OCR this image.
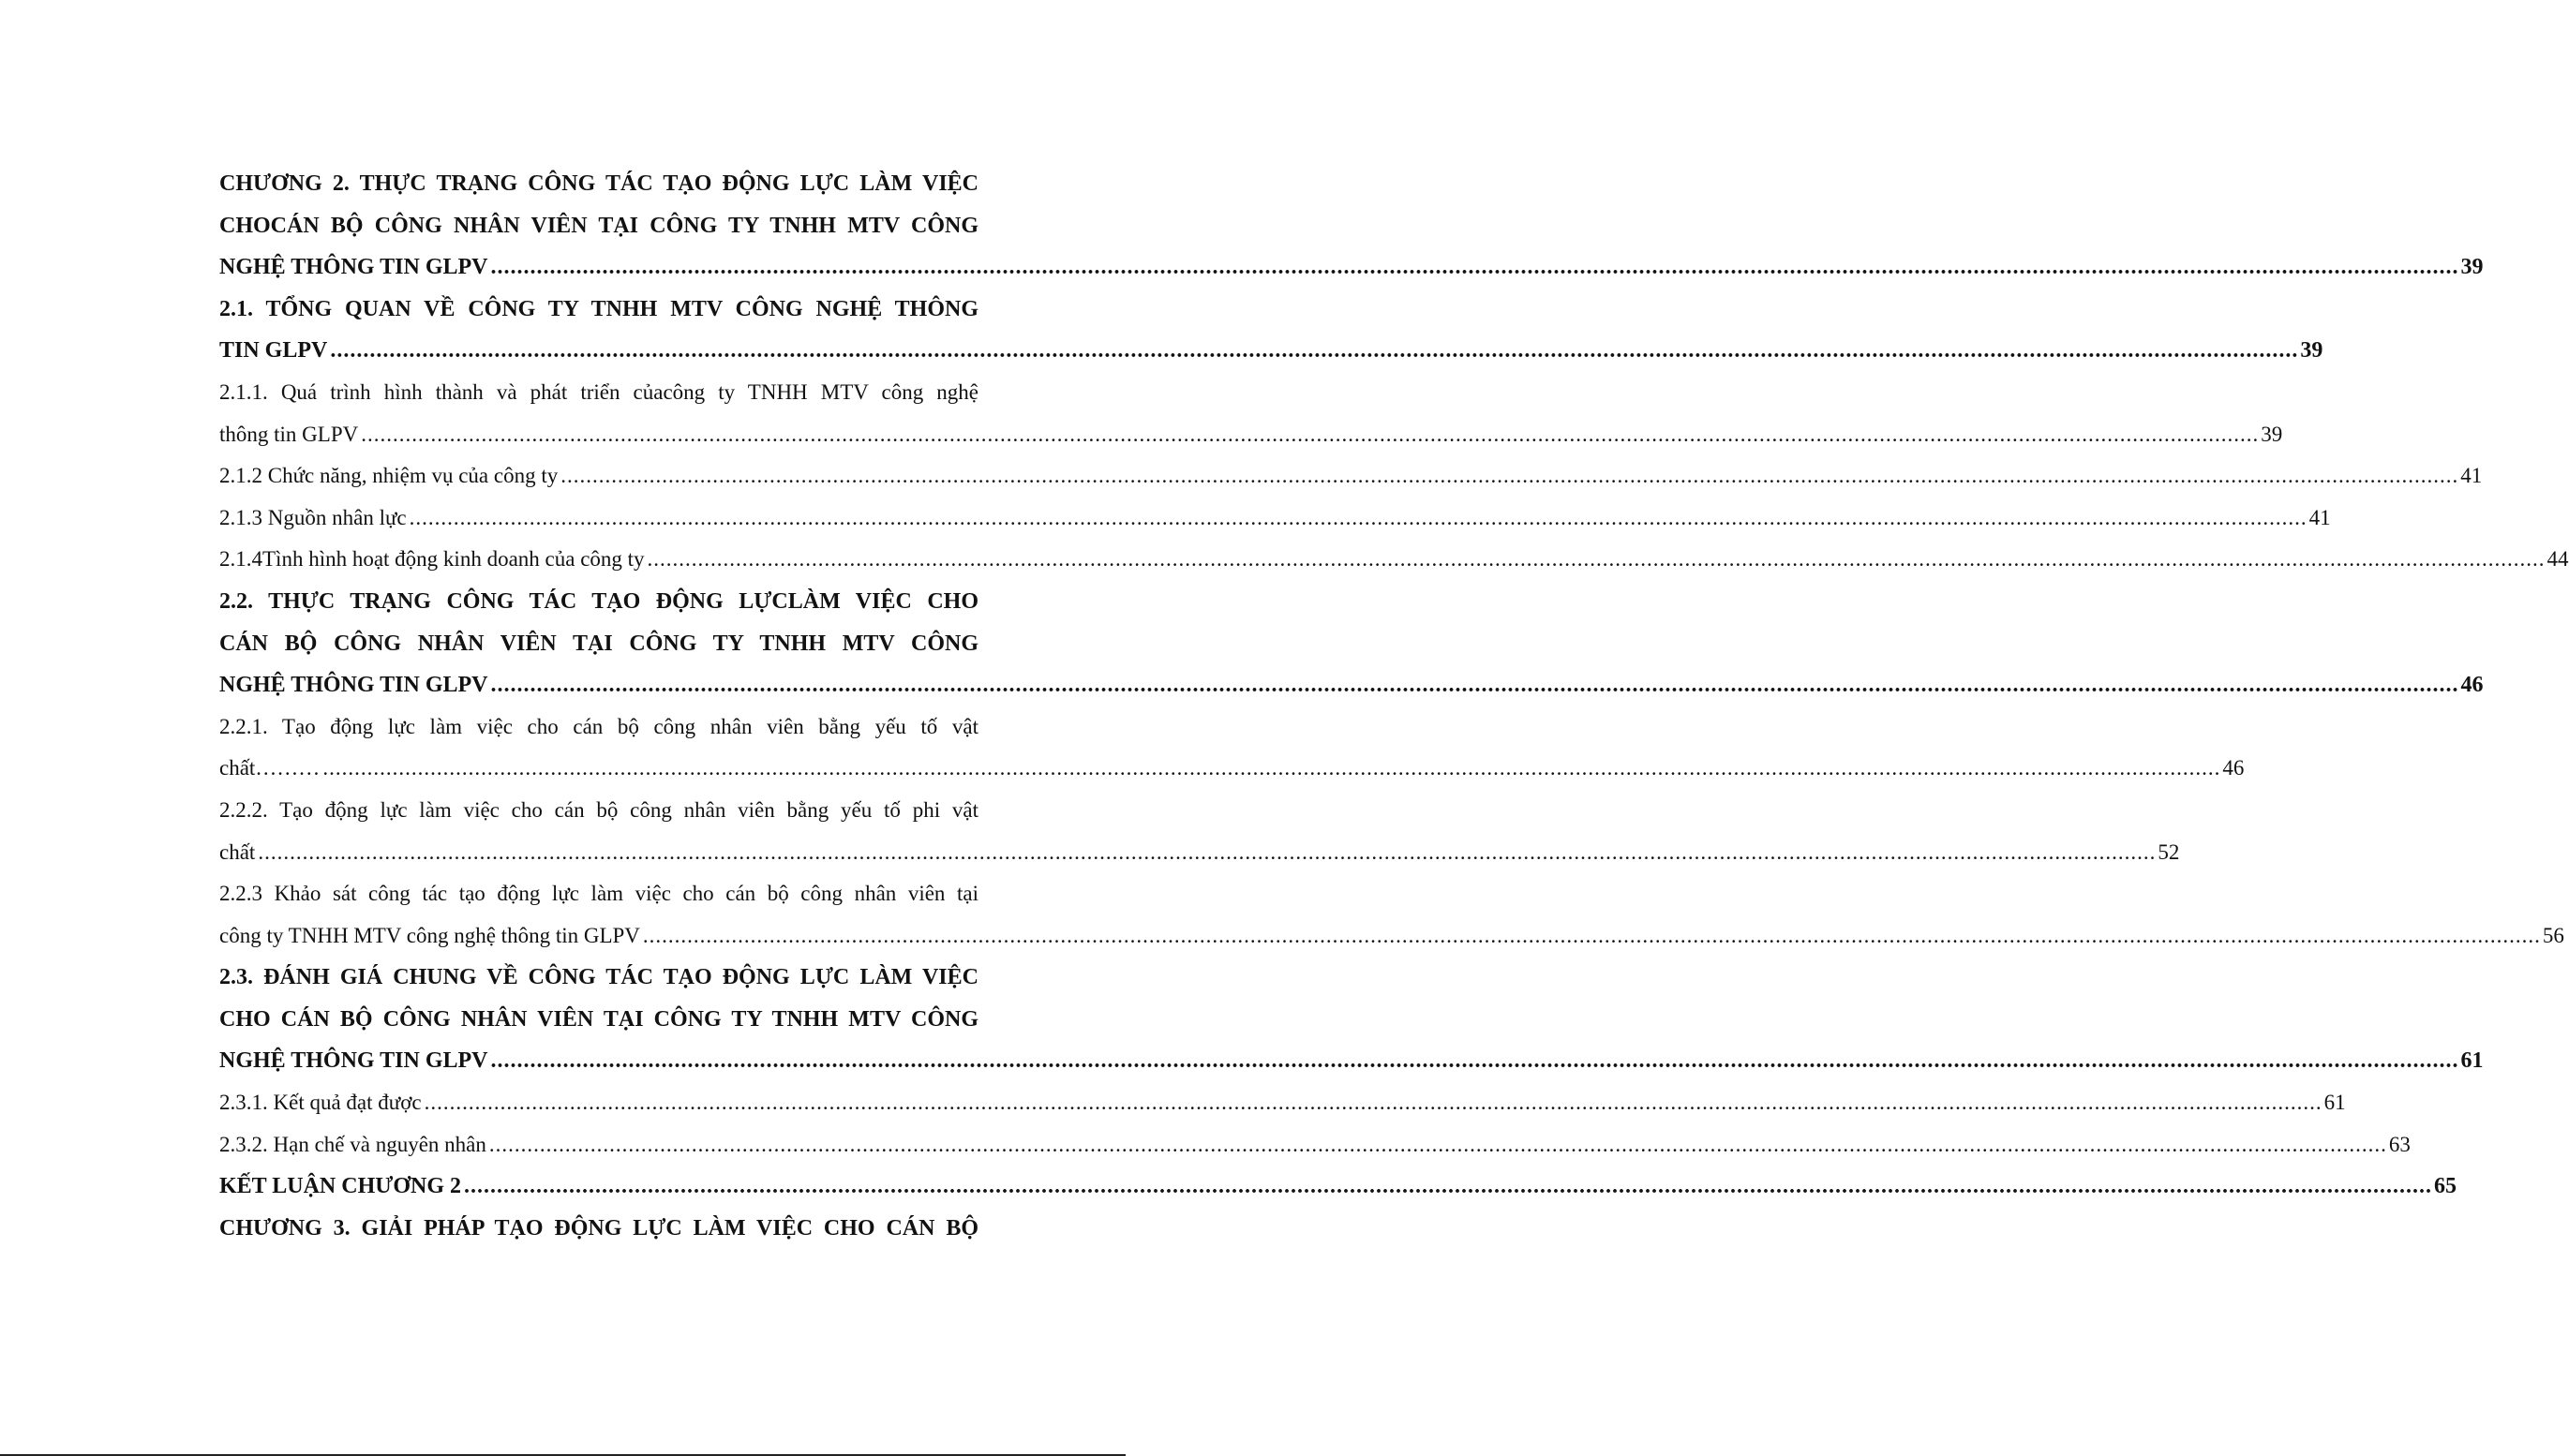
CHƯƠNG 2. THỰC TRẠNG CÔNG TÁC TẠO ĐỘNG LỰC LÀM VIỆC
CHOCÁN BỘ CÔNG NHÂN VIÊN TẠI CÔNG TY TNHH MTV CÔNG
NGHỆ THÔNG TIN GLPV ............................................................................................................................................................................................................................................................................................................ 39
2.1. TỔNG QUAN VỀ CÔNG TY TNHH MTV CÔNG NGHỆ THÔNG
TIN GLPV ............................................................................................................................................................................................................................................................................................................ 39
2.1.1. Quá trình hình thành và phát triển củacông ty TNHH MTV công nghệ
thông tin GLPV ............................................................................................................................................................................................................................................................................................................ 39
2.1.2 Chức năng, nhiệm vụ của công ty ............................................................................................................................................................................................................................................................................................................ 41
2.1.3 Nguồn nhân lực ............................................................................................................................................................................................................................................................................................................ 41
2.1.4Tình hình hoạt động kinh doanh của công ty ............................................................................................................................................................................................................................................................................................................ 44
2.2. THỰC TRẠNG CÔNG TÁC TẠO ĐỘNG LỰCLÀM VIỆC CHO
CÁN BỘ CÔNG NHÂN VIÊN TẠI CÔNG TY TNHH MTV CÔNG
NGHỆ THÔNG TIN GLPV ............................................................................................................................................................................................................................................................................................................ 46
2.2.1. Tạo động lực làm việc cho cán bộ công nhân viên bằng yếu tố vật
chất……… ............................................................................................................................................................................................................................................................................................................ 46
2.2.2. Tạo động lực làm việc cho cán bộ công nhân viên bằng yếu tố phi vật
chất ............................................................................................................................................................................................................................................................................................................ 52
2.2.3 Khảo sát công tác tạo động lực làm việc cho cán bộ công nhân viên tại
công ty TNHH MTV công nghệ thông tin GLPV ............................................................................................................................................................................................................................................................................................................ 56
2.3. ĐÁNH GIÁ CHUNG VỀ CÔNG TÁC TẠO ĐỘNG LỰC LÀM VIỆC
CHO CÁN BỘ CÔNG NHÂN VIÊN TẠI CÔNG TY TNHH MTV CÔNG
NGHỆ THÔNG TIN GLPV ............................................................................................................................................................................................................................................................................................................ 61
2.3.1. Kết quả đạt được ............................................................................................................................................................................................................................................................................................................ 61
2.3.2. Hạn chế và nguyên nhân ............................................................................................................................................................................................................................................................................................................ 63
KẾT LUẬN CHƯƠNG 2 ............................................................................................................................................................................................................................................................................................................ 65
CHƯƠNG 3. GIẢI PHÁP TẠO ĐỘNG LỰC LÀM VIỆC CHO CÁN BỘ
